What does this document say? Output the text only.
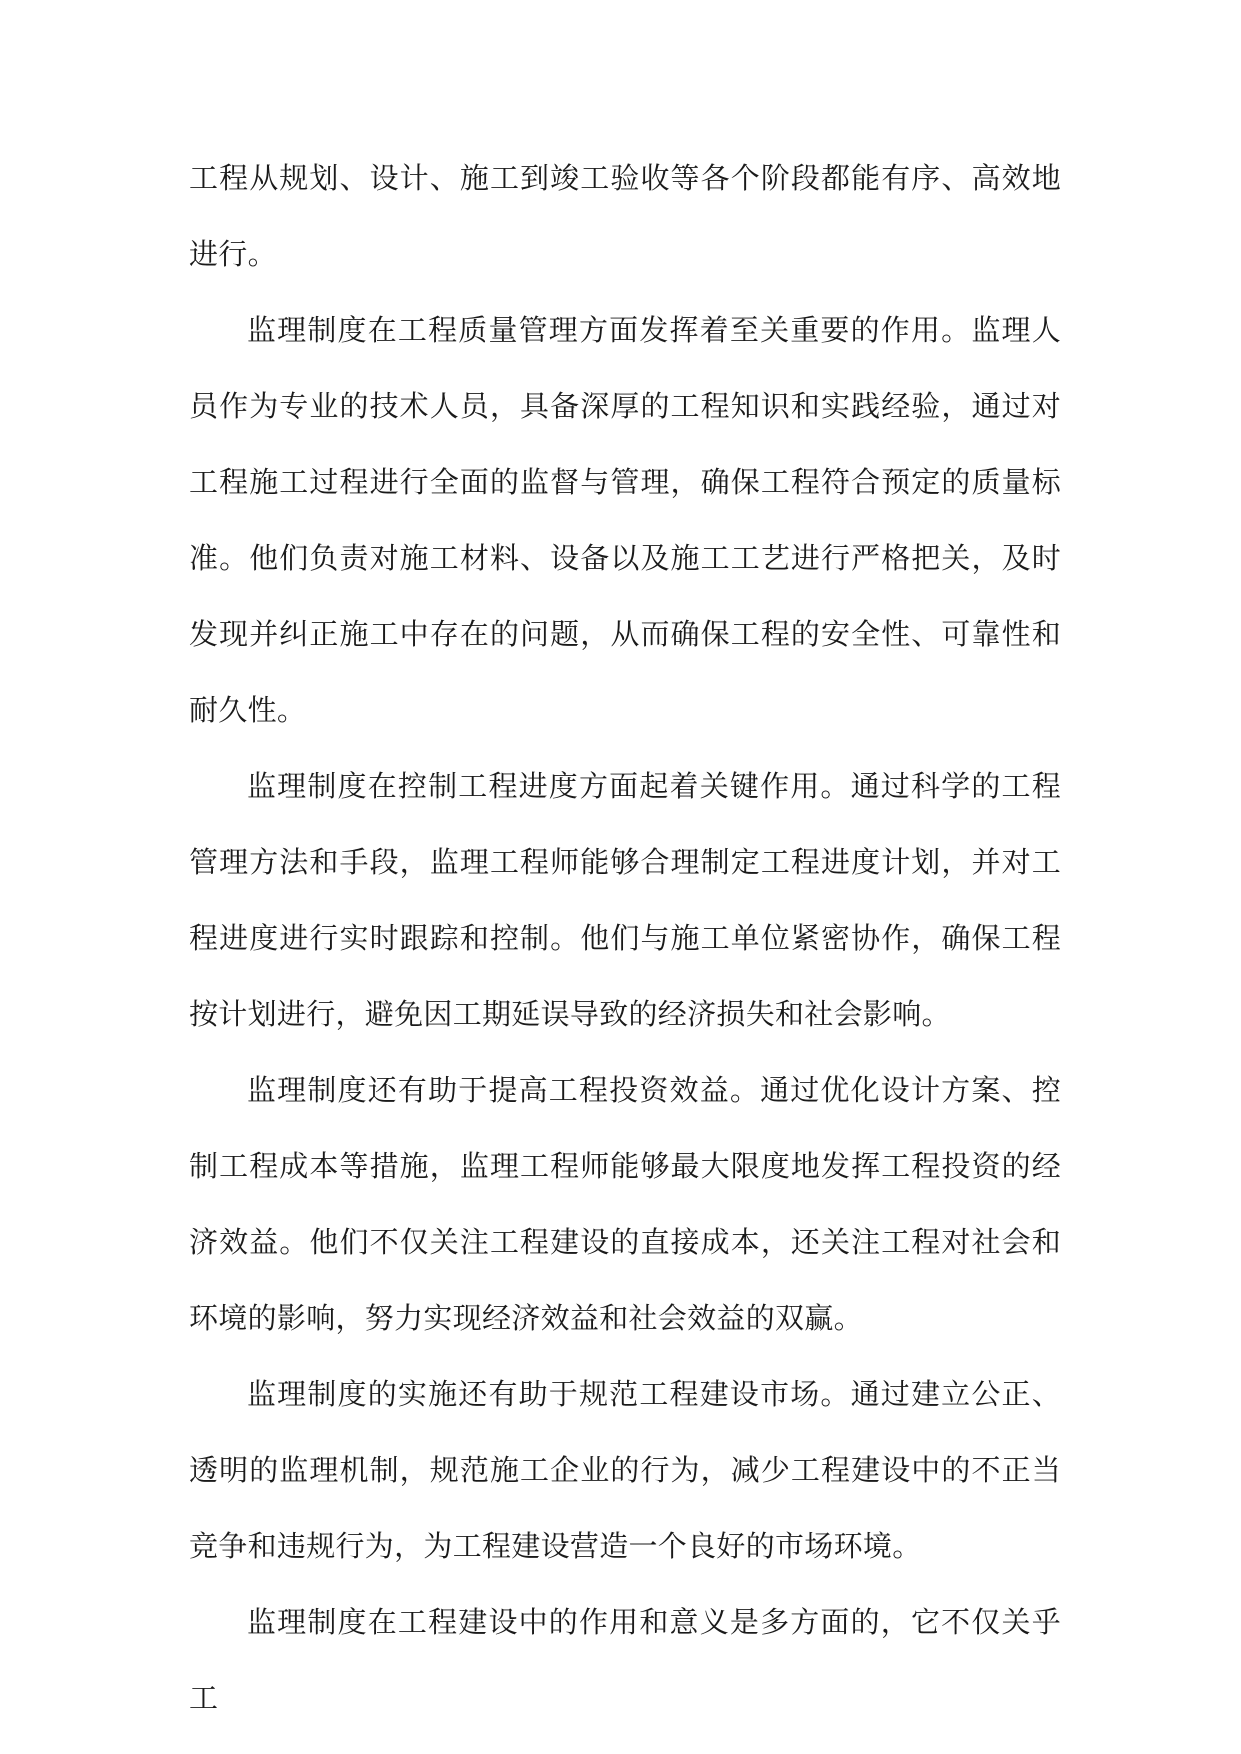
工程从规划、设计、施工到竣工验收等各个阶段都能有序、高效地进行。

监理制度在工程质量管理方面发挥着至关重要的作用。监理人员作为专业的技术人员，具备深厚的工程知识和实践经验，通过对工程施工过程进行全面的监督与管理，确保工程符合预定的质量标准。他们负责对施工材料、设备以及施工工艺进行严格把关，及时发现并纠正施工中存在的问题，从而确保工程的安全性、可靠性和耐久性。

监理制度在控制工程进度方面起着关键作用。通过科学的工程管理方法和手段，监理工程师能够合理制定工程进度计划，并对工程进度进行实时跟踪和控制。他们与施工单位紧密协作，确保工程按计划进行，避免因工期延误导致的经济损失和社会影响。

监理制度还有助于提高工程投资效益。通过优化设计方案、控制工程成本等措施，监理工程师能够最大限度地发挥工程投资的经济效益。他们不仅关注工程建设的直接成本，还关注工程对社会和环境的影响，努力实现经济效益和社会效益的双赢。

监理制度的实施还有助于规范工程建设市场。通过建立公正、透明的监理机制，规范施工企业的行为，减少工程建设中的不正当竞争和违规行为，为工程建设营造一个良好的市场环境。

监理制度在工程建设中的作用和意义是多方面的，它不仅关乎工
